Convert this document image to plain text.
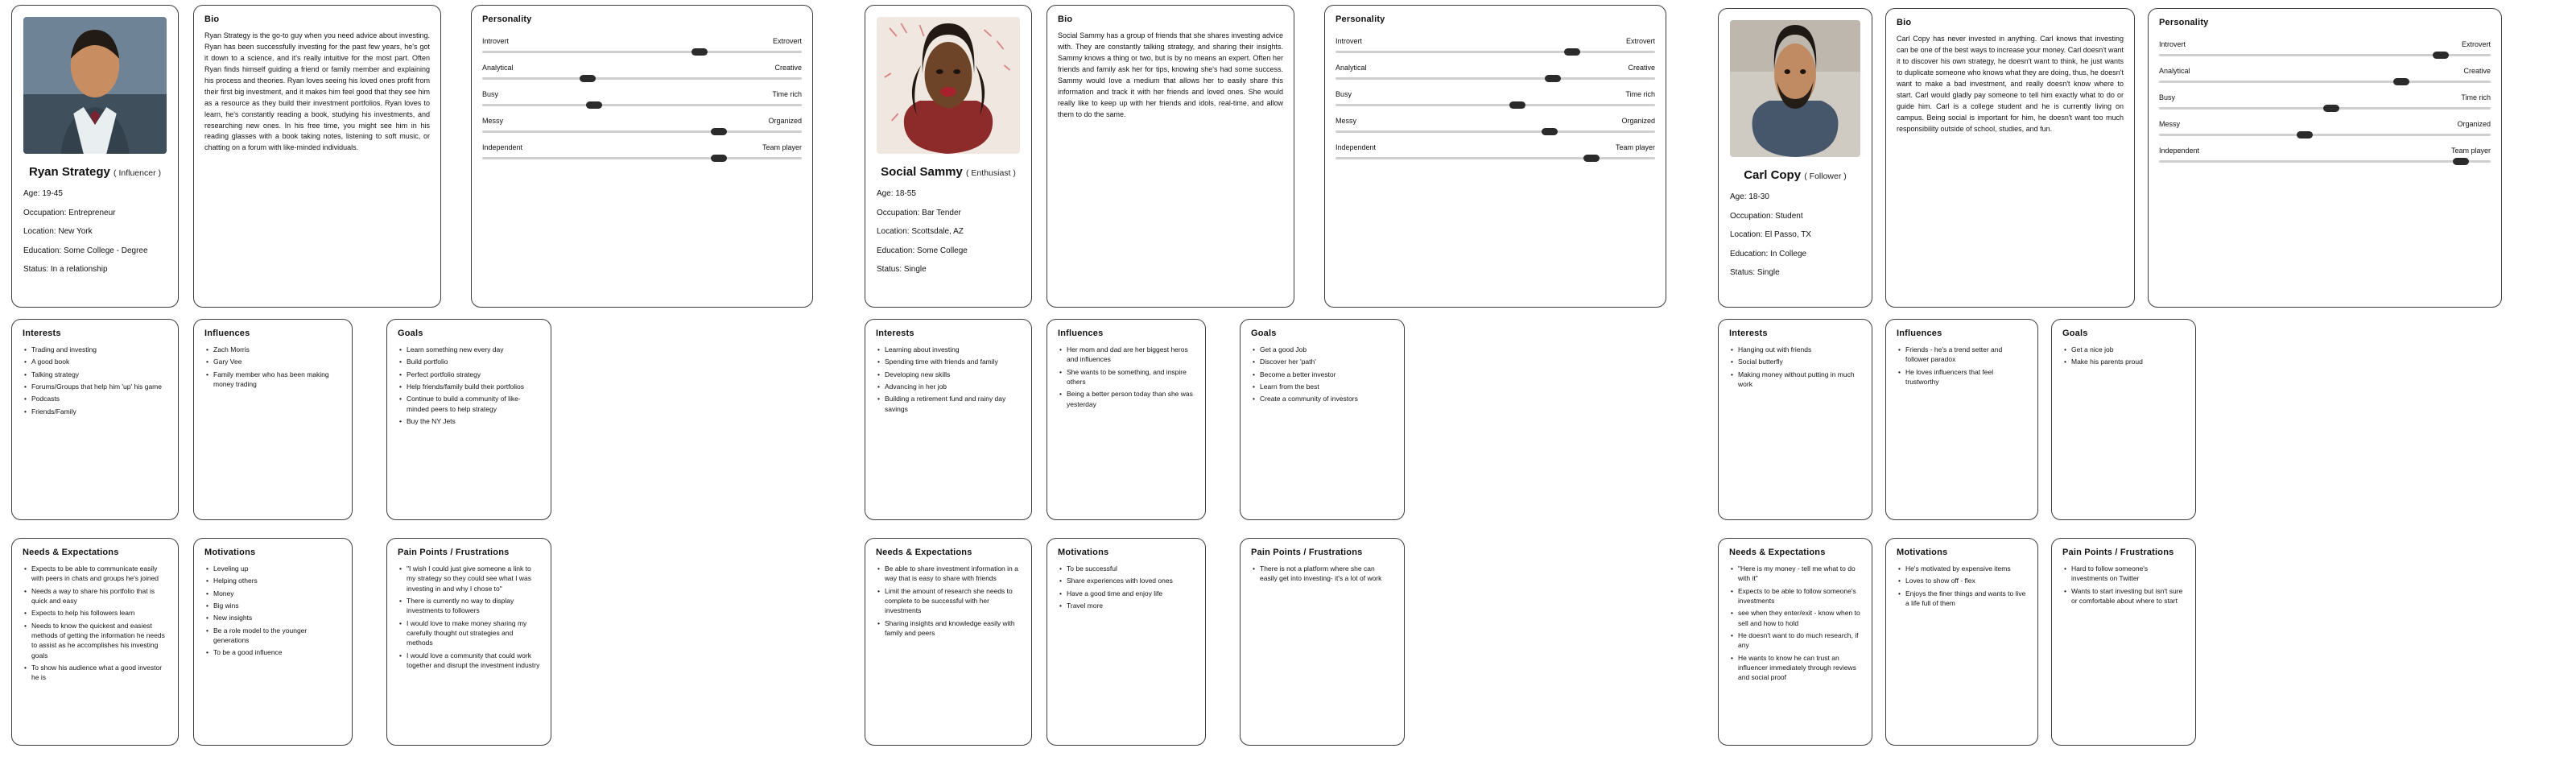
Ryan Strategy ( Influencer )
Age: 19-45
Occupation: Entrepreneur
Location: New York
Education: Some College - Degree
Status: In a relationship
Bio
Ryan Strategy is the go-to guy when you need advice about investing. Ryan has been successfully investing for the past few years, he's got it down to a science, and it's really intuitive for the most part. Often Ryan finds himself guiding a friend or family member and explaining his process and theories. Ryan loves seeing his loved ones profit from their first big investment, and it makes him feel good that they see him as a resource as they build their investment portfolios. Ryan loves to learn, he's constantly reading a book, studying his investments, and researching new ones. In his free time, you might see him in his reading glasses with a book taking notes, listening to soft music, or chatting on a forum with like-minded individuals.
Personality
Introvert	Extrovert
Analytical	Creative
Busy	Time rich
Messy	Organized
Independent	Team player
Interests
• Trading and investing
• A good book
• Talking strategy
• Forums/Groups that help him 'up' his game
• Podcasts
• Friends/Family
Influences
• Zach Morris
• Gary Vee
• Family member who has been making money trading
Goals
• Learn something new every day
• Build portfolio
• Perfect portfolio strategy
• Help friends/family build their portfolios
• Continue to build a community of like-minded peers to help strategy
• Buy the NY Jets
Needs & Expectations
• Expects to be able to communicate easily with peers in chats and groups he's joined
• Needs a way to share his portfolio that is quick and easy
• Expects to help his followers learn
• Needs to know the quickest and easiest methods of getting the information he needs to assist as he accomplishes his investing goals
• To show his audience what a good investor he is
Motivations
• Leveling up
• Helping others
• Money
• Big wins
• New insights
• Be a role model to the younger generations
• To be a good influence
Pain Points / Frustrations
• "I wish I could just give someone a link to my strategy so they could see what I was investing in and why I chose to"
• There is currently no way to display investments to followers
• I would love to make money sharing my carefully thought out strategies and methods
• I would love a community that could work together and disrupt the investment industry
Social Sammy ( Enthusiast )
Age: 18-55
Occupation: Bar Tender
Location: Scottsdale, AZ
Education: Some College
Status: Single
Bio
Social Sammy has a group of friends that she shares investing advice with. They are constantly talking strategy, and sharing their insights. Sammy knows a thing or two, but is by no means an expert. Often her friends and family ask her for tips, knowing she's had some success. Sammy would love a medium that allows her to easily share this information and track it with her friends and loved ones. She would really like to keep up with her friends and idols, real-time, and allow them to do the same.
Personality
Introvert	Extrovert
Analytical	Creative
Busy	Time rich
Messy	Organized
Independent	Team player
Interests
• Learning about investing
• Spending time with friends and family
• Developing new skills
• Advancing in her job
• Building a retirement fund and rainy day savings
Influences
• Her mom and dad are her biggest heros and influences
• She wants to be something, and inspire others
• Being a better person today than she was yesterday
Goals
• Get a good Job
• Discover her 'path'
• Become a better investor
• Learn from the best
• Create a community of investors
Needs & Expectations
• Be able to share investment information in a way that is easy to share with friends
• Limit the amount of research she needs to complete to be successful with her investments
• Sharing insights and knowledge easily with family and peers
Motivations
• To be successful
• Share experiences with loved ones
• Have a good time and enjoy life
• Travel more
Pain Points / Frustrations
• There is not a platform where she can easily get into investing- it's a lot of work
Carl Copy ( Follower )
Age: 18-30
Occupation: Student
Location: El Passo, TX
Education: In College
Status: Single
Bio
Carl Copy has never invested in anything. Carl knows that investing can be one of the best ways to increase your money. Carl doesn't want it to discover his own strategy, he doesn't want to think, he just wants to duplicate someone who knows what they are doing, thus, he doesn't want to make a bad investment, and really doesn't know where to start. Carl would gladly pay someone to tell him exactly what to do or guide him. Carl is a college student and he is currently living on campus. Being social is important for him, he doesn't want too much responsibility outside of school, studies, and fun.
Personality
Introvert	Extrovert
Analytical	Creative
Busy	Time rich
Messy	Organized
Independent	Team player
Interests
• Hanging out with friends
• Social butterfly
• Making money without putting in much work
Influences
• Friends - he's a trend setter and follower paradox
• He loves influencers that feel trustworthy
Goals
• Get a nice job
• Make his parents proud
Needs & Expectations
• "Here is my money - tell me what to do with it"
• Expects to be able to follow someone's investments
• see when they enter/exit - know when to sell and how to hold
• He doesn't want to do much research, if any
• He wants to know he can trust an influencer immediately through reviews and social proof
Motivations
• He's motivated by expensive items
• Loves to show off - flex
• Enjoys the finer things and wants to live a life full of them
Pain Points / Frustrations
• Hard to follow someone's investments on Twitter
• Wants to start investing but isn't sure or comfortable about where to start
